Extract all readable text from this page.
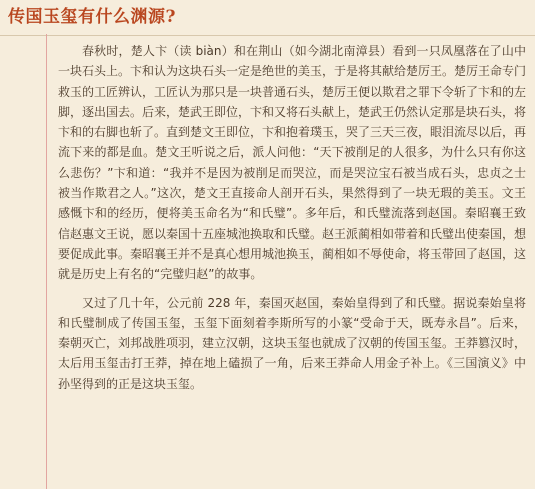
传国玉玺有什么渊源?

春秋时，楚人卞（读 biàn）和在荆山（如今湖北南漳县）看到一只凤凰落在了山中一块石头上。卞和认为这块石头一定是绝世的美玉，于是将其献给楚厉王。楚厉王命专门救玉的工匠辨认，工匠认为那只是一块普通石头，楚厉王便以欺君之罪下令斩了卞和的左脚，逐出国去。后来，楚武王即位，卞和又将石头献上，楚武王仍然认定那是块石头，将卞和的右脚也斩了。直到楚文王即位，卞和抱着璞玉，哭了三天三夜，眼泪流尽以后，再流下来的都是血。楚文王听说之后，派人问他：“天下被削足的人很多，为什么只有你这么悲伤？”卞和道：“我并不是因为被削足而哭泣，而是哭泣宝石被当成石头，忠贞之士被当作欺君之人。”这次，楚文王直接命人剖开石头，果然得到了一块无瑕的美玉。文王感慨卞和的经历，便将美玉命名为“和氏璧”。多年后，和氏璧流落到赵国。秦昭襄王致信赵惠文王说，愿以秦国十五座城池换取和氏璧。赵王派蔺相如带着和氏璧出使秦国，想要促成此事。秦昭襄王并不是真心想用城池换玉，蔺相如不辱使命，将玉带回了赵国，这就是历史上有名的“完璧归赵”的故事。

又过了几十年，公元前 228 年，秦国灭赵国，秦始皇得到了和氏璧。据说秦始皇将和氏璧制成了传国玉玺，玉玺下面刻着李斯所写的小篆“受命于天，既寿永昌”。后来，秦朝灭亡，刘邦战胜项羽，建立汉朝，这块玉玺也就成了汉朝的传国玉玺。王莽篡汉时，太后用玉玺击打王莽，掉在地上磕损了一角，后来王莽命人用金子补上。《三国演义》中孙坚得到的正是这块玉玺。
